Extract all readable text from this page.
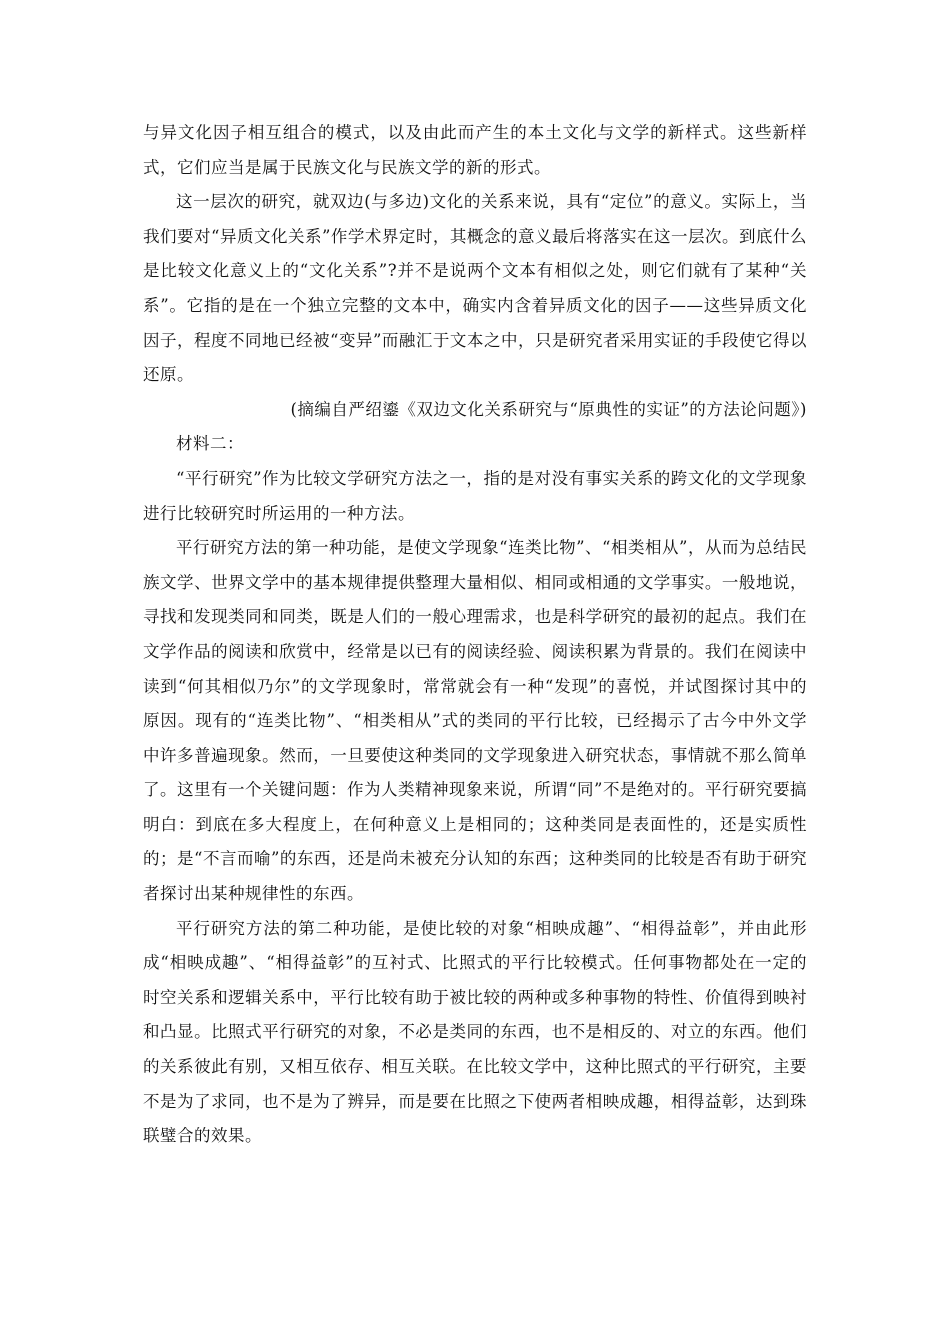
与异文化因子相互组合的模式，以及由此而产生的本土文化与文学的新样式。这些新样式，它们应当是属于民族文化与民族文学的新的形式。

这一层次的研究，就双边(与多边)文化的关系来说，具有“定位”的意义。实际上，当我们要对“异质文化关系”作学术界定时，其概念的意义最后将落实在这一层次。到底什么是比较文化意义上的“文化关系”?并不是说两个文本有相似之处，则它们就有了某种“关系”。它指的是在一个独立完整的文本中，确实内含着异质文化的因子——这些异质文化因子，程度不同地已经被“变异”而融汇于文本之中，只是研究者采用实证的手段使它得以还原。

(摘编自严绍鎏《双边文化关系研究与“原典性的实证”的方法论问题》)

材料二：

“平行研究”作为比较文学研究方法之一，指的是对没有事实关系的跨文化的文学现象进行比较研究时所运用的一种方法。

平行研究方法的第一种功能，是使文学现象“连类比物”、“相类相从”，从而为总结民族文学、世界文学中的基本规律提供整理大量相似、相同或相通的文学事实。一般地说，寻找和发现类同和同类，既是人们的一般心理需求，也是科学研究的最初的起点。我们在文学作品的阅读和欣赏中，经常是以已有的阅读经验、阅读积累为背景的。我们在阅读中读到“何其相似乃尔”的文学现象时，常常就会有一种“发现”的喜悦，并试图探讨其中的原因。现有的“连类比物”、“相类相从”式的类同的平行比较，已经揭示了古今中外文学中许多普遍现象。然而，一旦要使这种类同的文学现象进入研究状态，事情就不那么简单了。这里有一个关键问题：作为人类精神现象来说，所谓“同”不是绝对的。平行研究要搞明白：到底在多大程度上，在何种意义上是相同的；这种类同是表面性的，还是实质性的；是“不言而喻”的东西，还是尚未被充分认知的东西；这种类同的比较是否有助于研究者探讨出某种规律性的东西。

平行研究方法的第二种功能，是使比较的对象“相映成趣”、“相得益彰”，并由此形成“相映成趣”、“相得益彰”的互衬式、比照式的平行比较模式。任何事物都处在一定的时空关系和逻辑关系中，平行比较有助于被比较的两种或多种事物的特性、价值得到映衬和凸显。比照式平行研究的对象，不必是类同的东西，也不是相反的、对立的东西。他们的关系彼此有别，又相互依存、相互关联。在比较文学中，这种比照式的平行研究，主要不是为了求同，也不是为了辨异，而是要在比照之下使两者相映成趣，相得益彰，达到珠联璧合的效果。
